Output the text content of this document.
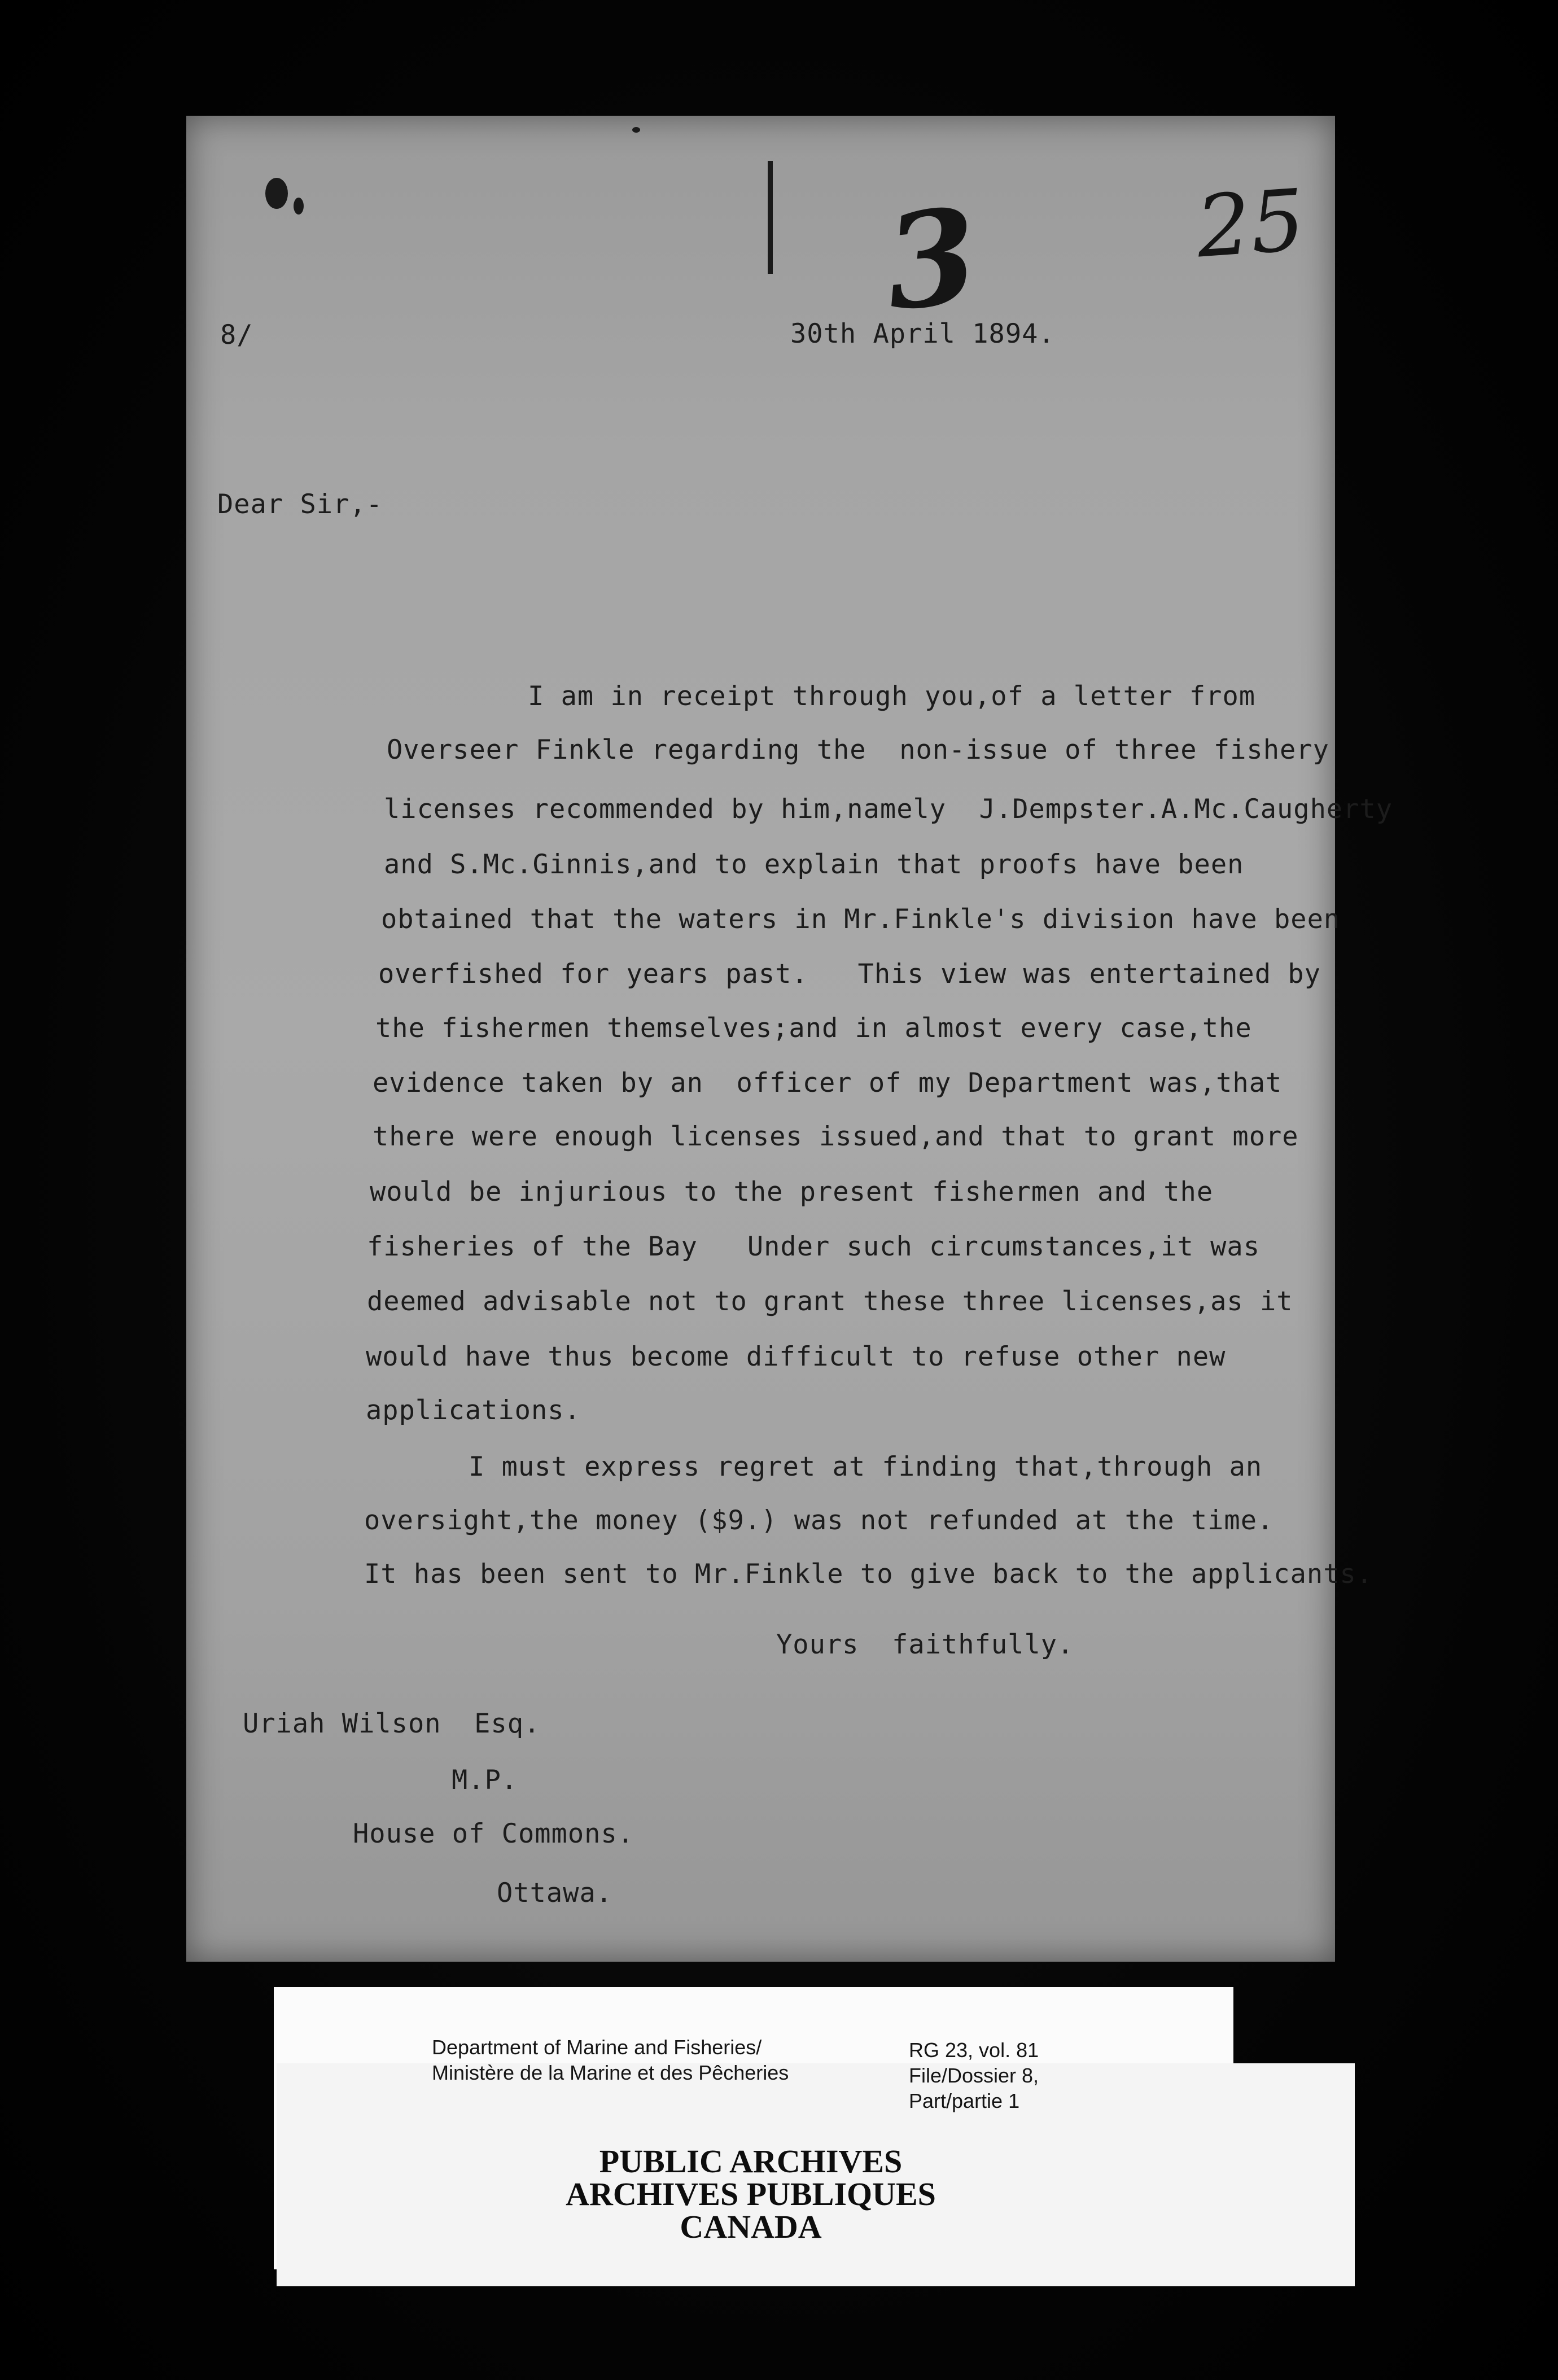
3 25
8/	30th April 1894.
Dear Sir,-
I am in receipt through you,of a letter from
Overseer Finkle regarding the  non-issue of three fishery
licenses recommended by him,namely  J.Dempster.A.Mc.Caugherty
and S.Mc.Ginnis,and to explain that proofs have been
obtained that the waters in Mr.Finkle's division have been
overfished for years past.   This view was entertained by
the fishermen themselves;and in almost every case,the
evidence taken by an  officer of my Department was,that
there were enough licenses issued,and that to grant more
would be injurious to the present fishermen and the
fisheries of the Bay   Under such circumstances,it was
deemed advisable not to grant these three licenses,as it
would have thus become difficult to refuse other new
applications.
I must express regret at finding that,through an
oversight,the money ($9.) was not refunded at the time.
It has been sent to Mr.Finkle to give back to the applicants.
Yours  faithfully.
Uriah Wilson  Esq.
M.P.
House of Commons.
Ottawa.
Department of Marine and Fisheries/
Ministère de la Marine et des Pêcheries
RG 23, vol. 81
File/Dossier 8,
Part/partie 1
PUBLIC ARCHIVES
ARCHIVES PUBLIQUES
CANADA
